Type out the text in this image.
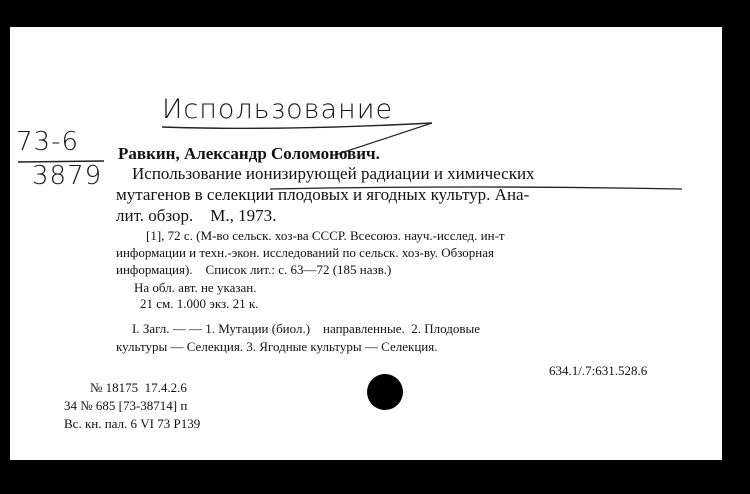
Использование
73-6
3879
Равкин, Александр Соломонович.
Использование ионизирующей радиации и химических
мутагенов в селекции плодовых и ягодных культур. Ана-
лит. обзор.    М., 1973.
[1], 72 с. (М-во сельск. хоз-ва СССР. Всесоюз. науч.-исслед. ин-т
информации и техн.-экон. исследований по сельск. хоз-ву. Обзорная
информация).    Список лит.: с. 63—72 (185 назв.)
На обл. авт. не указан.
21 см. 1.000 экз. 21 к.
I. Загл. — — 1. Мутации (биол.)    направленные.  2. Плодовые
культуры — Селекция. 3. Ягодные культуры — Селекция.
634.1/.7:631.528.6
№ 18175  17.4.2.6
34 № 685 [73-38714] п
Вс. кн. пал. 6 VI 73 Р139
